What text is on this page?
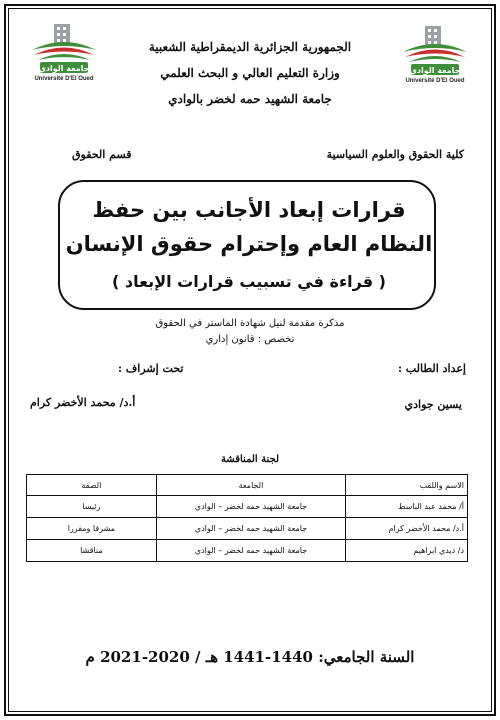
جامعة الوادي
Université D'El Oued
جامعة الوادي
Université D'El Oued
الجمهورية الجزائرية الديمقراطية الشعبية
وزارة التعليم العالي و البحث العلمي
جامعة الشهيد حمه لخضر بالوادي
كلية الحقوق والعلوم السياسية
قسم الحقوق
قرارات إبعاد الأجانب بين حفظ
النظام العام وإحترام حقوق الإنسان
( قراءة في تسبيب قرارات الإبعاد )
مذكرة مقدمة لنيل شهادة الماستر في الحقوق
تخصص : قانون إداري
إعداد الطالب :
تحت إشراف :
يسين جوادي
أ.د/ محمد الأخضر كرام
لجنة المناقشة
الاسم واللقب	الجامعة	الصفة
أ/ محمد عبد الباسط	جامعة الشهيد حمه لخضر – الوادي	رئيسا
أ.د/ محمد الأخضر كرام	جامعة الشهيد حمه لخضر – الوادي	مشرفا ومقررا
د/ ديدي ابراهيم	جامعة الشهيد حمه لخضر – الوادي	مناقشا
السنة الجامعي: 1440-1441 هـ / 2020-2021 م
